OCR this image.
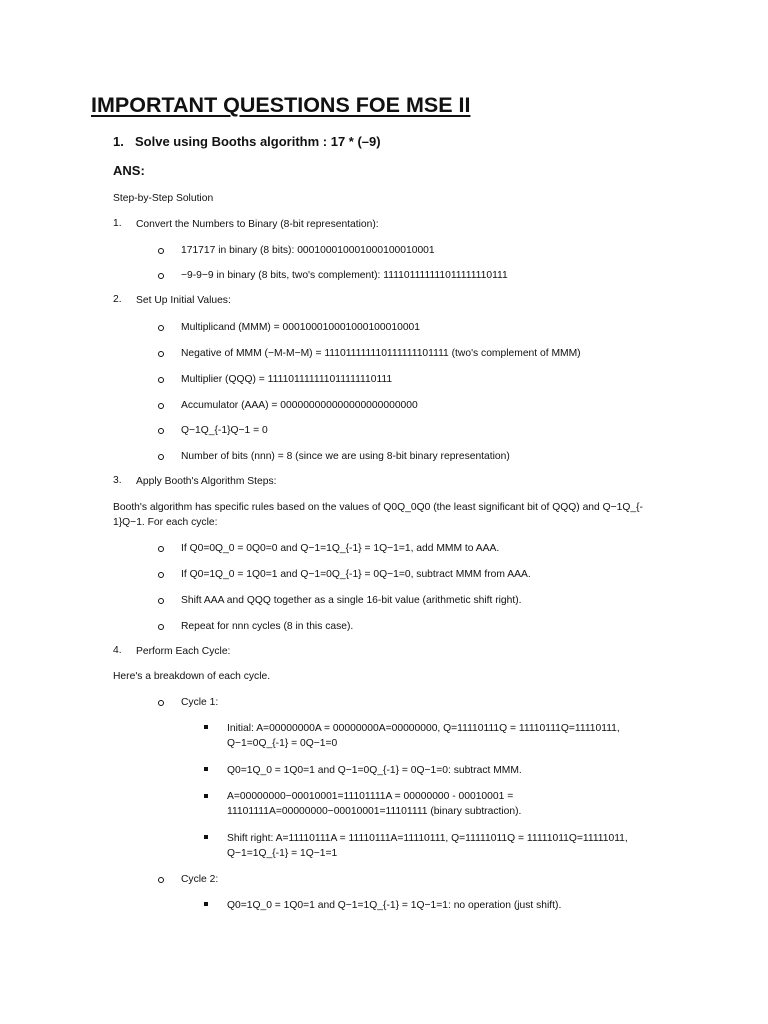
IMPORTANT QUESTIONS FOE MSE II
1. Solve using Booths algorithm : 17 * (–9)
ANS:
Step-by-Step Solution
1. Convert the Numbers to Binary (8-bit representation):
171717 in binary (8 bits): 000100010001000100010001
−9-9−9 in binary (8 bits, two's complement): 111101111111011111110111
2. Set Up Initial Values:
Multiplicand (MMM) = 000100010001000100010001
Negative of MMM (−M-M−M) = 111011111110111111101111 (two's complement of MMM)
Multiplier (QQQ) = 111101111111011111110111
Accumulator (AAA) = 000000000000000000000000
Q−1Q_{-1}Q−1 = 0
Number of bits (nnn) = 8 (since we are using 8-bit binary representation)
3. Apply Booth's Algorithm Steps:
Booth's algorithm has specific rules based on the values of Q0Q_0Q0 (the least significant bit of QQQ) and Q−1Q_{-
1}Q−1. For each cycle:
If Q0=0Q_0 = 0Q0=0 and Q−1=1Q_{-1} = 1Q−1=1, add MMM to AAA.
If Q0=1Q_0 = 1Q0=1 and Q−1=0Q_{-1} = 0Q−1=0, subtract MMM from AAA.
Shift AAA and QQQ together as a single 16-bit value (arithmetic shift right).
Repeat for nnn cycles (8 in this case).
4. Perform Each Cycle:
Here's a breakdown of each cycle.
Cycle 1:
Initial: A=00000000A = 00000000A=00000000, Q=11110111Q = 11110111Q=11110111,
Q−1=0Q_{-1} = 0Q−1=0
Q0=1Q_0 = 1Q0=1 and Q−1=0Q_{-1} = 0Q−1=0: subtract MMM.
A=00000000−00010001=11101111A = 00000000 - 00010001 =
11101111A=00000000−00010001=11101111 (binary subtraction).
Shift right: A=11110111A = 11110111A=11110111, Q=11111011Q = 11111011Q=11111011,
Q−1=1Q_{-1} = 1Q−1=1
Cycle 2:
Q0=1Q_0 = 1Q0=1 and Q−1=1Q_{-1} = 1Q−1=1: no operation (just shift).
